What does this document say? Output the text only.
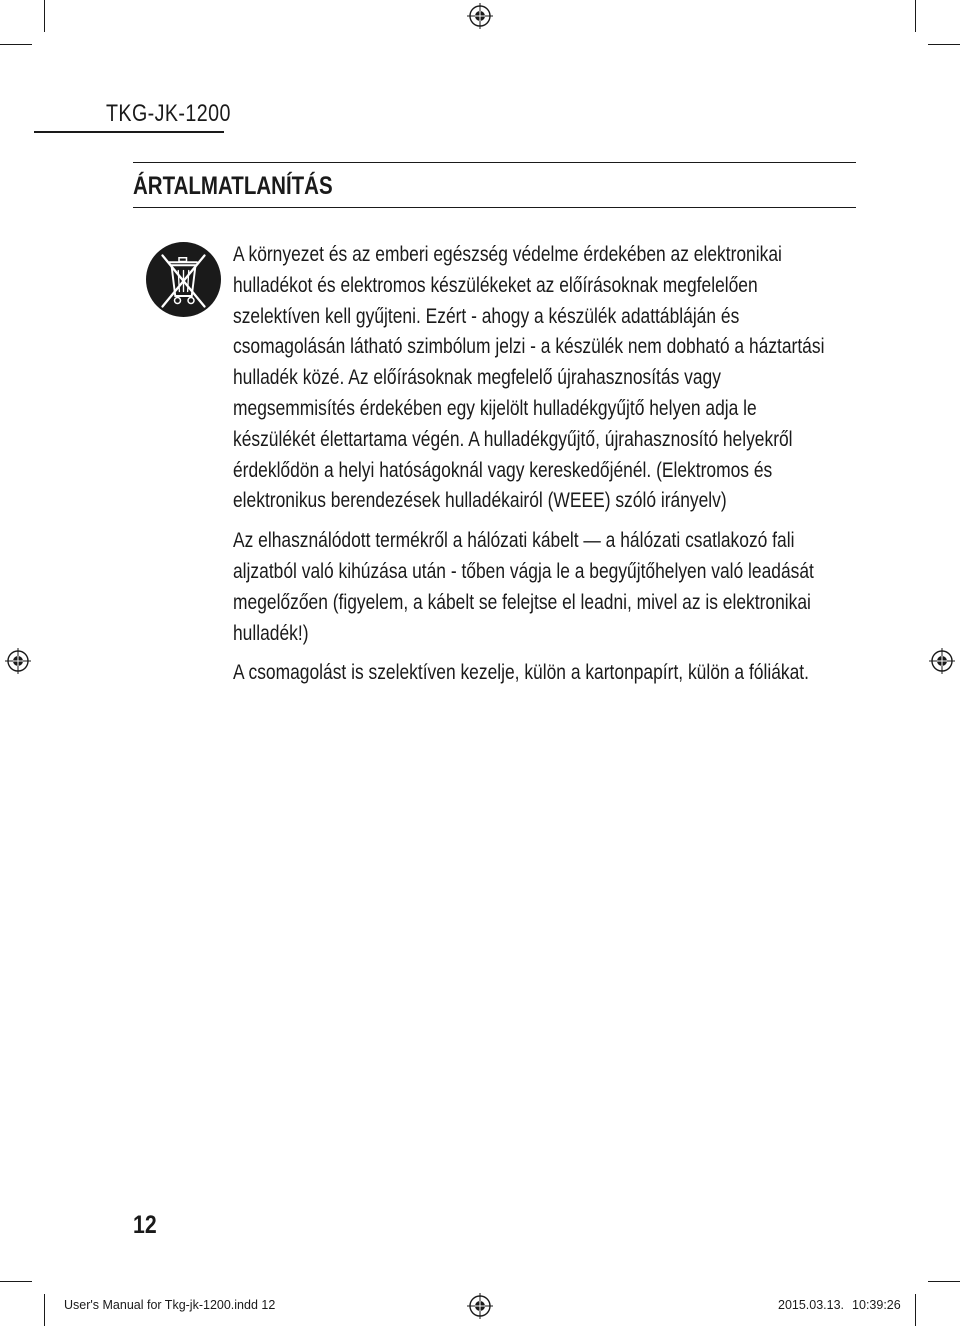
TKG-JK-1200
ÁRTALMATLANÍTÁS

A környezet és az emberi egészség védelme érdekében az elektronikai hulladékot és elektromos készülékeket az előírásoknak megfelelően szelektíven kell gyűjteni. Ezért - ahogy a készülék adattábláján és csomagolásán látható szimbólum jelzi - a készülék nem dobható a háztartási hulladék közé. Az előírásoknak megfelelő újrahasznosítás vagy megsemmisítés érdekében egy kijelölt hulladékgyűjtő helyen adja le készülékét élettartama végén. A hulladékgyűjtő, újrahasznosító helyekről érdeklődön a helyi hatóságoknál vagy kereskedőjénél. (Elektromos és elektronikus berendezések hulladékairól (WEEE) szóló irányelv)

Az elhasználódott termékről a hálózati kábelt — a hálózati csatlakozó fali aljzatból való kihúzása után - tőben vágja le a begyűjtőhelyen való leadását megelőzően (figyelem, a kábelt se felejtse el leadni, mivel az is elektronikai hulladék!)

A csomagolást is szelektíven kezelje, külön a kartonpapírt, külön a fóliákat.

12
User's Manual for Tkg-jk-1200.indd 12	2015.03.13. 10:39:26
